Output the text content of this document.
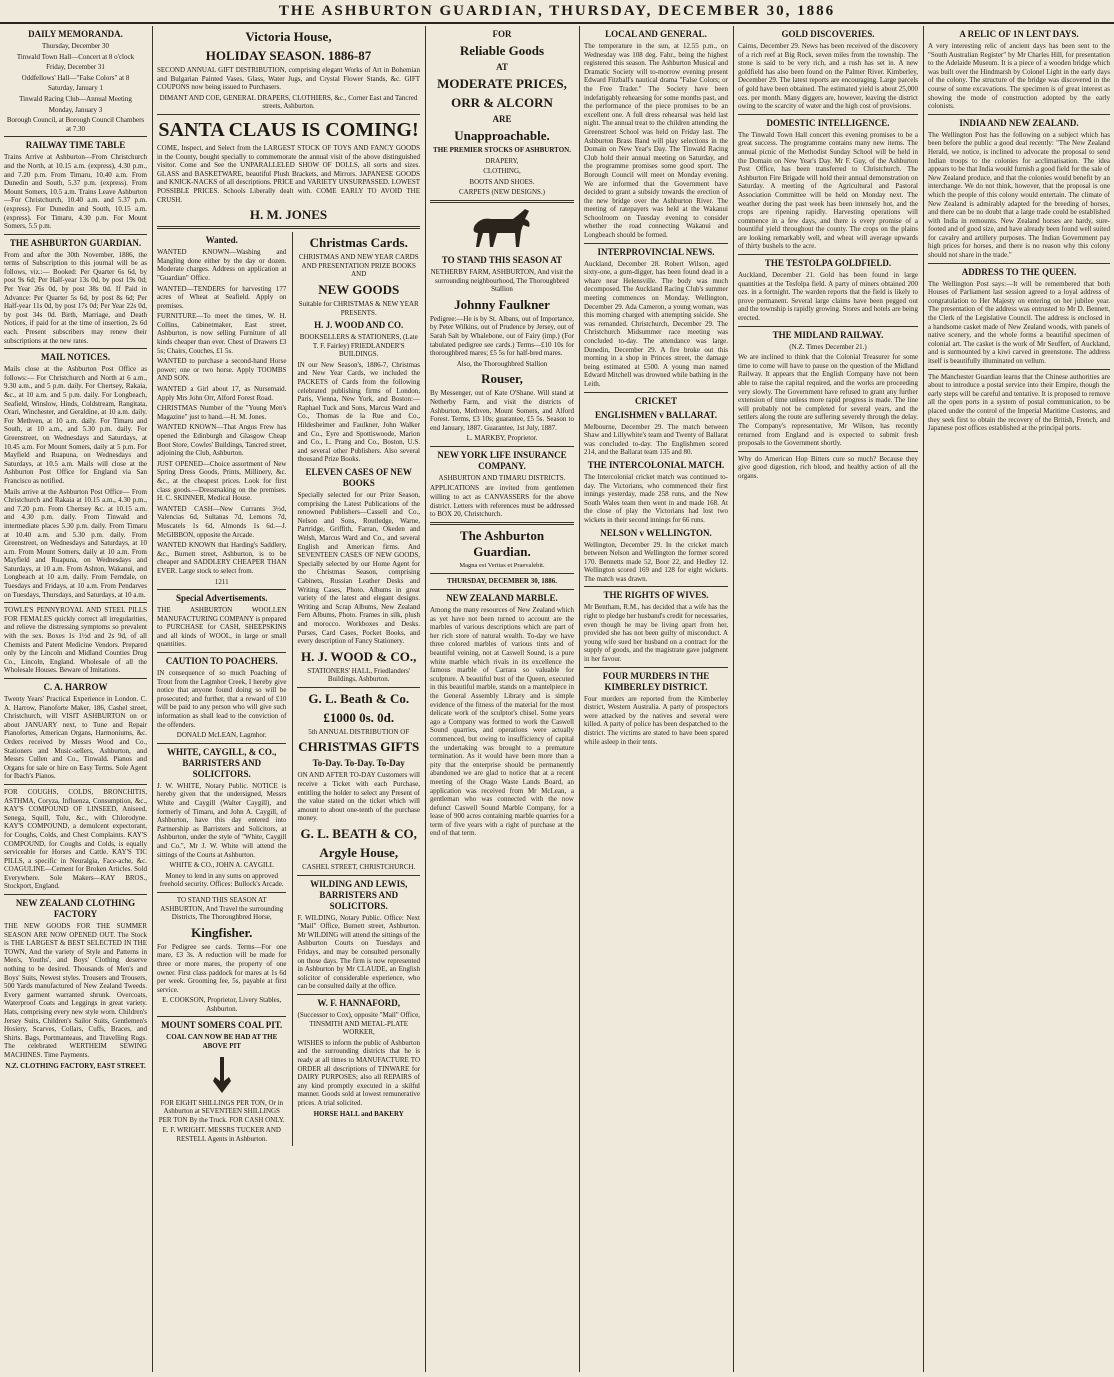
THE ASHBURTON GUARDIAN, THURSDAY, DECEMBER 30, 1886
DAILY MEMORANDA.

Thursday, December 30

Tinwald Town Hall—Concert at 8 o'clock

Friday, December 31

Oddfellows' Hall—"False Colors" at 8

Saturday, January 1

Tinwald Racing Club—Annual Meeting

Monday, January 3

Borough Council, at Borough Council Chambers at 7.30

RAILWAY TIME TABLE

Trains Arrive at Ashburton—From Christchurch and the North, at 10.15 a.m. (express), 4.30 p.m., and 7.20 p.m. From Timaru, 10.40 a.m. From Dunedin and South, 5.37 p.m. (express). From Mount Somers, 10.5 a.m. Trains Leave Ashburton—For Christchurch, 10.40 a.m. and 5.37 p.m. (express). For Dunedin and South, 10.15 a.m. (express). For Timaru, 4.30 p.m. For Mount Somers, 5.5 p.m.

THE ASHBURTON GUARDIAN.

From and after the 30th November, 1886, the terms of Subscription to this journal will be as follows, viz.:— Booked: Per Quarter 6s 6d, by post 9s 6d; Per Half-year 13s 0d, by post 19s 0d; Per Year 26s 0d, by post 38s 0d. If Paid in Advance: Per Quarter 5s 6d, by post 8s 6d; Per Half-year 11s 0d, by post 17s 0d; Per Year 22s 0d, by post 34s 0d. Birth, Marriage, and Death Notices, if paid for at the time of insertion, 2s 6d each. Present subscribers may renew their subscriptions at the new rates.

MAIL NOTICES.

Mails close at the Ashburton Post Office as follows:— For Christchurch and North at 6 a.m., 9.30 a.m., and 5 p.m. daily. For Chertsey, Rakaia, &c., at 10 a.m. and 5 p.m. daily. For Longbeach, Seafield, Winslow, Hinds, Coldstream, Rangitata, Orari, Winchester, and Geraldine, at 10 a.m. daily. For Methven, at 10 a.m. daily. For Timaru and South, at 10 a.m., and 5.30 p.m. daily. For Greenstreet, on Wednesdays and Saturdays, at 10.45 a.m. For Mount Somers, daily at 5 p.m. For Mayfield and Ruapuna, on Wednesdays and Saturdays, at 10.5 a.m. Mails will close at the Ashburton Post Office for England via San Francisco as notified.

Mails arrive at the Ashburton Post Office— From Christchurch and Rakaia at 10.15 a.m., 4.30 p.m., and 7.20 p.m. From Chertsey &c. at 10.15 a.m. and 4.30 p.m. daily. From Tinwald and intermediate places 5.30 p.m. daily. From Timaru at 10.40 a.m. and 5.30 p.m. daily. From Greenstreet, on Wednesdays and Saturdays, at 10 a.m. From Mount Somers, daily at 10 a.m. From Mayfield and Ruapuna, on Wednesdays and Saturdays, at 10 a.m. From Ashton, Wakanui, and Longbeach at 10 a.m. daily. From Ferndale, on Tuesdays and Fridays, at 10 a.m. From Pendarves on Tuesdays, Thursdays, and Saturdays, at 10 a.m.

TOWLE'S PENNYROYAL AND STEEL PILLS FOR FEMALES quickly correct all irregularities, and relieve the distressing symptoms so prevalent with the sex. Boxes 1s 1½d and 2s 9d, of all Chemists and Patent Medicine Vendors. Prepared only by the Lincoln and Midland Counties Drug Co., Lincoln, England. Wholesale of all the Wholesale Houses. Beware of Imitations.

C. A. HARROW

Twenty Years' Practical Experience in London. C. A. Harrow, Pianoforte Maker, 186, Cashel street, Christchurch, will VISIT ASHBURTON on or about JANUARY next, to Tune and Repair Pianofortes, American Organs, Harmoniums, &c. Orders received by Messrs Wood and Co., Stationers and Music-sellers, Ashburton, and Messrs Cullen and Co., Tinwald. Pianos and Organs for sale or hire on Easy Terms. Sole Agent for Ibach's Pianos.

FOR COUGHS, COLDS, BRONCHITIS, ASTHMA, Coryza, Influenza, Consumption, &c., KAY'S COMPOUND OF LINSEED, Aniseed, Senega, Squill, Tolu, &c., with Chlorodyne. KAY'S COMPOUND, a demulcent expectorant, for Coughs, Colds, and Chest Complaints. KAY'S COMPOUND, for Coughs and Colds, is equally serviceable for Horses and Cattle. KAY'S TIC PILLS, a specific in Neuralgia, Face-ache, &c. COAGULINE—Cement for Broken Articles. Sold Everywhere. Sole Makers—KAY BROS., Stockport, England.

NEW ZEALAND CLOTHING FACTORY

THE NEW GOODS FOR THE SUMMER SEASON ARE NOW OPENED OUT. The Stock is THE LARGEST & BEST SELECTED IN THE TOWN, And the variety of Style and Patterns in Men's, Youths', and Boys' Clothing deserve nothing to be desired. Thousands of Men's and Boys' Suits, Newest styles. Trousers and Trousers, 500 Yards manufactured of New Zealand Tweeds. Every garment warranted shrunk. Overcoats, Waterproof Coats and Leggings in great variety. Hats, comprising every new style worn. Children's Jersey Suits, Children's Sailor Suits, Gentlemen's Hosiery, Scarves, Collars, Cuffs, Braces, and Shirts. Bags, Portmanteaus, and Travelling Rugs. The celebrated WERTHEIM SEWING MACHINES. Time Payments.

N.Z. CLOTHING FACTORY, EAST STREET.

Victoria House,
HOLIDAY SEASON. 1886-87

SECOND ANNUAL GIFT DISTRIBUTION, comprising elegant Works of Art in Bohemian and Bulgarian Painted Vases, Glass, Water Jugs, and Crystal Flower Stands, &c. GIFT COUPONS now being issued to Purchasers.

DIMANT AND COE, GENERAL DRAPERS, CLOTHIERS, &c., Corner East and Tancred streets, Ashburton.

SANTA CLAUS IS COMING!

COME, Inspect, and Select from the LARGEST STOCK OF TOYS AND FANCY GOODS in the County, bought specially to commemorate the annual visit of the above distinguished visitor. Come and See the UNPARALLELED SHOW OF DOLLS, all sorts and sizes. GLASS and BASKETWARE, beautiful Plush Brackets, and Mirrors. JAPANESE GOODS and KNICK-NACKS of all descriptions. PRICE and VARIETY UNSURPASSED. LOWEST POSSIBLE PRICES. Schools Liberally dealt with. COME EARLY TO AVOID THE CRUSH.

H. M. JONES
Wanted.

WANTED KNOWN—Washing and Mangling done either by the day or dozen. Moderate charges. Address on application at "Guardian" Office.

WANTED—TENDERS for harvesting 177 acres of Wheat at Seafield. Apply on premises.

FURNITURE—To meet the times, W. H. Collins, Cabinetmaker, East street, Ashburton, is now selling Furniture of all kinds cheaper than ever. Chest of Drawers £3 5s; Chairs, Couches, £1 5s.

WANTED to purchase a second-hand Horse power; one or two horse. Apply TOOMBS AND SON.

WANTED a Girl about 17, as Nursemaid. Apply Mrs John Orr, Alford Forest Road.

CHRISTMAS Number of the "Young Men's Magazine" just to hand.—H. M. Jones.

WANTED KNOWN—That Angus Frew has opened the Edinburgh and Glasgow Cheap Boot Store, Cowles' Buildings, Tancred street, adjoining the Club, Ashburton.

JUST OPENED—Choice assortment of New Spring Dress Goods, Prints, Millinery, &c. &c., at the cheapest prices. Look for first class goods.—Dressmaking on the premises. H. C. SKINNER, Medical House.

WANTED CASH—New Currants 3½d, Valencias 6d, Sultanas 7d, Lemons 7d, Muscatels 1s 6d, Almonds 1s 6d.—J. McGIBBON, opposite the Arcade.

WANTED KNOWN that Harding's Saddlery, &c., Burnett street, Ashburton, is to be cheaper and SADDLERY CHEAPER THAN EVER. Large stock to select from.

1211

Special Advertisements.

THE ASHBURTON WOOLLEN MANUFACTURING COMPANY is prepared to PURCHASE for CASH, SHEEPSKINS and all kinds of WOOL, in large or small quantities.

CAUTION TO POACHERS.

IN consequence of so much Poaching of Trout from the Lagmhor Creek, I hereby give notice that anyone found doing so will be prosecuted; and further, that a reward of £10 will be paid to any person who will give such information as shall lead to the conviction of the offenders.

DONALD McLEAN, Lagmhor.

WHITE, CAYGILL, & CO., BARRISTERS AND SOLICITORS.

J. W. WHITE, Notary Public. NOTICE is hereby given that the undersigned, Messrs White and Caygill (Walter Caygill), and formerly of Timaru, and John A. Caygill, of Ashburton, have this day entered into Partnership as Barristers and Solicitors, at Ashburton, under the style of "White, Caygill and Co.", Mr J. W. White will attend the sittings of the Courts at Ashburton.

WHITE & CO., JOHN A. CAYGILL

Money to lend in any sums on approved freehold security. Offices: Bullock's Arcade.

TO STAND THIS SEASON AT ASHBURTON, And Travel the surrounding Districts, The Thoroughbred Horse,

Kingfisher.

For Pedigree see cards. Terms—For one mare, £3 3s. A reduction will be made for three or more mares, the property of one owner. First class paddock for mares at 1s 6d per week. Grooming fee, 5s, payable at first service.

E. COOKSON, Proprietor, Livery Stables, Ashburton.

MOUNT SOMERS COAL PIT.

COAL CAN NOW BE HAD AT THE ABOVE PIT

FOR EIGHT SHILLINGS PER TON, Or in Ashburton at SEVENTEEN SHILLINGS PER TON By the Truck. FOR CASH ONLY.

E. F. WRIGHT. MESSRS TUCKER AND RESTELL Agents in Ashburton.

Christmas Cards.

CHRISTMAS AND NEW YEAR CARDS AND PRESENTATION PRIZE BOOKS AND

NEW GOODS

Suitable for CHRISTMAS & NEW YEAR PRESENTS.

H. J. WOOD AND CO.

BOOKSELLERS & STATIONERS, (Late T. F. Fairley) FRIEDLANDER'S BUILDINGS.

IN our New Season's, 1886-7, Christmas and New Year Cards, we included the PACKETS of Cards from the following celebrated publishing firms of London, Paris, Vienna, New York, and Boston:—Raphael Tuck and Sons, Marcus Ward and Co., Thomas de la Rue and Co., Hildesheimer and Faulkner, John Walker and Co., Eyre and Spottiswoode, Marion and Co., L. Prang and Co., Boston, U.S. and several other Publishers. Also several thousand Prize Books.

ELEVEN CASES OF NEW BOOKS

Specially selected for our Prize Season, comprising the Latest Publications of the renowned Publishers—Cassell and Co., Nelson and Sons, Routledge, Warne, Partridge, Griffith, Farran, Okeden and Welsh, Marcus Ward and Co., and several English and American firms. And SEVENTEEN CASES OF NEW GOODS, Specially selected by our Home Agent for the Christmas Season, comprising Cabinets, Russian Leather Desks and Writing Cases, Photo. Albums in great variety of the latest and elegant designs. Writing and Scrap Albums, New Zealand Fern Albums, Photo. Frames in silk, plush and morocco. Workboxes and Desks. Purses, Card Cases, Pocket Books, and every description of Fancy Stationery.

H. J. WOOD & CO.,

STATIONERS' HALL, Friedlanders' Buildings, Ashburton.

G. L. Beath & Co.
£1000 0s. 0d.

5th ANNUAL DISTRIBUTION OF

CHRISTMAS GIFTS
To-Day. To-Day. To-Day

ON AND AFTER TO-DAY Customers will receive a Ticket with each Purchase, entitling the holder to select any Present of the value stated on the ticket which will amount to about one-tenth of the purchase money.

G. L. BEATH & CO,
Argyle House,

CASHEL STREET, CHRISTCHURCH.

WILDING AND LEWIS, BARRISTERS AND SOLICITORS.

F. WILDING, Notary Public. Office: Next "Mail" Office, Burnett street, Ashburton. Mr WILDING will attend the sittings of the Ashburton Courts on Tuesdays and Fridays, and may be consulted personally on those days. The firm is now represented in Ashburton by Mr CLAUDE, an English solicitor of considerable experience, who can be consulted daily at the office.

W. F. HANNAFORD,

(Successor to Cox), opposite "Mail" Office, TINSMITH AND METAL-PLATE WORKER,

WISHES to inform the public of Ashburton and the surrounding districts that he is ready at all times to MANUFACTURE TO ORDER all descriptions of TINWARE for DAIRY PURPOSES; also all REPAIRS of any kind promptly executed in a skilful manner. Goods sold at lowest remunerative prices. A trial solicited.

HORSE HALL and BAKERY

FOR
Reliable Goods
AT
MODERATE PRICES,
ORR & ALCORN
ARE
Unapproachable.

THE PREMIER STOCKS OF ASHBURTON.

DRAPERY,

CLOTHING,

BOOTS AND SHOES.

CARPETS (NEW DESIGNS.)

TO STAND THIS SEASON AT

NETHERBY FARM, ASHBURTON, And visit the surrounding neighbourhood, The Thoroughbred Stallion

Johnny Faulkner

Pedigree:—He is by St. Albans, out of Importance, by Peter Wilkins, out of Prudence by Jersey, out of Sarah Salt by Whalebone, out of Fairy (imp.) (For tabulated pedigree see cards.) Terms—£10 10s for thoroughbred mares; £5 5s for half-bred mares.

Also, the Thoroughbred Stallion

Rouser,

By Messenger, out of Kate O'Shane. Will stand at Netherby Farm, and visit the districts of Ashburton, Methven, Mount Somers, and Alford Forest. Terms, £3 10s; guarantee, £5 5s. Season to end January, 1887. Guarantee, 1st July, 1887.

L. MARKBY, Proprietor.

NEW YORK LIFE INSURANCE COMPANY.

ASHBURTON AND TIMARU DISTRICTS.

APPLICATIONS are invited from gentlemen willing to act as CANVASSERS for the above district. Letters with references must be addressed to BOX 20, Christchurch.

The Ashburton Guardian.

Magna est Veritas et Praevalebit.

THURSDAY, DECEMBER 30, 1886.

NEW ZEALAND MARBLE.

Among the many resources of New Zealand which as yet have not been turned to account are the marbles of various descriptions which are part of her rich store of natural wealth. To-day we have three colored marbles of various tints and of beautiful veining, not at Caswell Sound, is a pure white marble which rivals in its excellence the famous marble of Carrara so valuable for sculpture. A beautiful bust of the Queen, executed in this beautiful marble, stands on a mantelpiece in the General Assembly Library and is simple evidence of the fitness of the material for the most delicate work of the sculptor's chisel. Some years ago a Company was formed to work the Caswell Sound quarries, and operations were actually commenced, but owing to insufficiency of capital the undertaking was brought to a premature termination. As it would have been more than a pity that the enterprise should be permanently abandoned we are glad to notice that at a recent meeting of the Otago Waste Lands Board, an application was received from Mr McLean, a gentleman who was connected with the now defunct Caswell Sound Marble Company, for a lease of 900 acres containing marble quarries for a term of five years with a right of purchase at the end of that term.

LOCAL AND GENERAL.

The temperature in the sun, at 12.55 p.m., on Wednesday was 108 deg. Fahr., being the highest registered this season. The Ashburton Musical and Dramatic Society will to-morrow evening present Edward Fitzball's nautical drama "False Colors; or the Free Trader." The Society have been indefatigably rehearsing for some months past, and the performance of the piece promises to be an excellent one. A full dress rehearsal was held last night. The annual treat to the children attending the Greenstreet School was held on Friday last. The Ashburton Brass Band will play selections in the Domain on New Year's Day. The Tinwald Racing Club hold their annual meeting on Saturday, and the programme promises some good sport. The Borough Council will meet on Monday evening. We are informed that the Government have decided to grant a subsidy towards the erection of the new bridge over the Ashburton River. The meeting of ratepayers was held at the Wakanui Schoolroom on Tuesday evening to consider whether the road connecting Wakanui and Longbeach should be formed.

INTERPROVINCIAL NEWS.

Auckland, December 28. Robert Wilson, aged sixty-one, a gum-digger, has been found dead in a whare near Helensville. The body was much decomposed. The Auckland Racing Club's summer meeting commences on Monday. Wellington, December 29. Ada Cameron, a young woman, was this morning charged with attempting suicide. She was remanded. Christchurch, December 29. The Christchurch Midsummer race meeting was concluded to-day. The attendance was large. Dunedin, December 29. A fire broke out this morning in a shop in Princes street, the damage being estimated at £500. A young man named Edward Mitchell was drowned while bathing in the Leith.

CRICKET
ENGLISHMEN v BALLARAT.

Melbourne, December 29. The match between Shaw and Lillywhite's team and Twenty of Ballarat was concluded to-day. The Englishmen scored 214, and the Ballarat team 135 and 80.

THE INTERCOLONIAL MATCH.

The Intercolonial cricket match was continued to-day. The Victorians, who commenced their first innings yesterday, made 258 runs, and the New South Wales team then went in and made 168. At the close of play the Victorians had lost two wickets in their second innings for 66 runs.

NELSON v WELLINGTON.

Wellington, December 29. In the cricket match between Nelson and Wellington the former scored 170. Bennetts made 52, Boor 22, and Hedley 12. Wellington scored 169 and 128 for eight wickets. The match was drawn.

THE RIGHTS OF WIVES.

Mr Bentham, R.M., has decided that a wife has the right to pledge her husband's credit for necessaries, even though he may be living apart from her, provided she has not been guilty of misconduct. A young wife sued her husband on a contract for the supply of goods, and the magistrate gave judgment in her favour.

FOUR MURDERS IN THE KIMBERLEY DISTRICT.

Four murders are reported from the Kimberley district, Western Australia. A party of prospectors were attacked by the natives and several were killed. A party of police has been despatched to the district. The victims are stated to have been spared while asleep in their tents.

GOLD DISCOVERIES.

Cairns, December 29. News has been received of the discovery of a rich reef at Big Rock, seven miles from the township. The stone is said to be very rich, and a rush has set in. A new goldfield has also been found on the Palmer River. Kimberley, December 29. The latest reports are encouraging. Large parcels of gold have been obtained. The estimated yield is about 25,000 ozs. per month. Many diggers are, however, leaving the district owing to the scarcity of water and the high cost of provisions.

DOMESTIC INTELLIGENCE.

The Tinwald Town Hall concert this evening promises to be a great success. The programme contains many new items. The annual picnic of the Methodist Sunday School will be held in the Domain on New Year's Day. Mr F. Guy, of the Ashburton Post Office, has been transferred to Christchurch. The Ashburton Fire Brigade will hold their annual demonstration on Saturday. A meeting of the Agricultural and Pastoral Association Committee will be held on Monday next. The weather during the past week has been intensely hot, and the crops are ripening rapidly. Harvesting operations will commence in a few days, and there is every promise of a bountiful yield throughout the county. The crops on the plains are looking remarkably well, and wheat will average upwards of thirty bushels to the acre.

THE TESTOLPA GOLDFIELD.

Auckland, December 21. Gold has been found in large quantities at the Tesfolpa field. A party of miners obtained 200 ozs. in a fortnight. The warden reports that the field is likely to prove permanent. Several large claims have been pegged out and the township is rapidly growing. Stores and hotels are being erected.

THE MIDLAND RAILWAY.

(N.Z. Times December 21.)

We are inclined to think that the Colonial Treasurer for some time to come will have to pause on the question of the Midland Railway. It appears that the English Company have not been able to raise the capital required, and the works are proceeding very slowly. The Government have refused to grant any further extension of time unless more rapid progress is made. The line will probably not be completed for several years, and the settlers along the route are suffering severely through the delay. The Company's representative, Mr Wilson, has recently returned from England and is expected to submit fresh proposals to the Government shortly.

Why do American Hop Bitters cure so much? Because they give good digestion, rich blood, and healthy action of all the organs.

A RELIC OF 1N LENT DAYS.

A very interesting relic of ancient days has been sent to the "South Australian Register" by Mr Charles Hill, for presentation to the Adelaide Museum. It is a piece of a wooden bridge which was built over the Hindmarsh by Colonel Light in the early days of the colony. The structure of the bridge was discovered in the course of some excavations. The specimen is of great interest as showing the mode of construction adopted by the early colonists.

INDIA AND NEW ZEALAND.

The Wellington Post has the following on a subject which has been before the public a good deal recently: "The New Zealand Herald, we notice, is inclined to advocate the proposal to send Indian troops to the colonies for acclimatisation. The idea appears to be that India would furnish a good field for the sale of New Zealand produce, and that the colonies would benefit by an interchange. We do not think, however, that the proposal is one which the people of this colony would entertain. The climate of New Zealand is admirably adapted for the breeding of horses, and there can be no doubt that a large trade could be established with India in remounts. New Zealand horses are hardy, sure-footed and of good size, and have already been found well suited for cavalry and artillery purposes. The Indian Government pay high prices for horses, and there is no reason why this colony should not share in the trade."

ADDRESS TO THE QUEEN.

The Wellington Post says:—It will be remembered that both Houses of Parliament last session agreed to a loyal address of congratulation to Her Majesty on entering on her jubilee year. The presentation of the address was entrusted to Mr D. Bennett, the Clerk of the Legislative Council. The address is enclosed in a handsome casket made of New Zealand woods, with panels of native scenery, and the whole forms a beautiful specimen of colonial art. The casket is the work of Mr Seuffert, of Auckland, and is surmounted by a kiwi carved in greenstone. The address itself is beautifully illuminated on vellum.

The Manchester Guardian learns that the Chinese authorities are about to introduce a postal service into their Empire, though the early steps will be careful and tentative. It is proposed to remove all the open ports in a system of postal communication, to be placed under the control of the Imperial Maritime Customs, and they seek first to obtain the recovery of the British, French, and Japanese post offices established at the principal ports.
